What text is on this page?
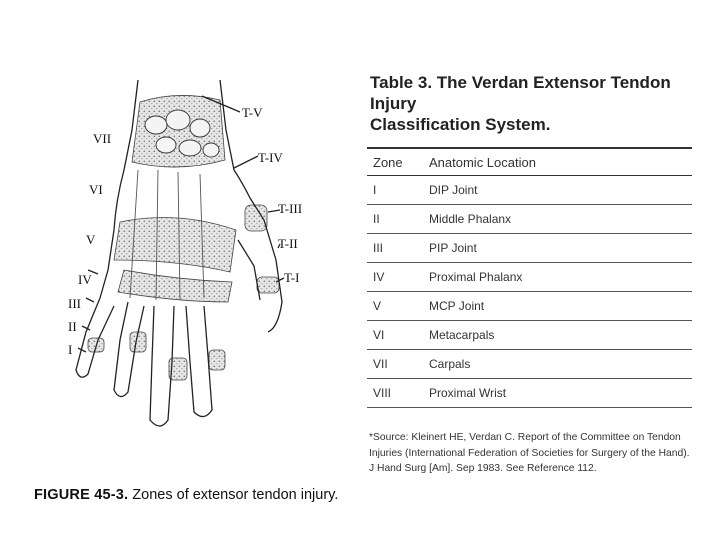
VII
VI
V
IV
III
II
I
T-V
T-IV
T-III
T-II
T-I
FIGURE 45-3. Zones of extensor tendon injury.
Table 3. The Verdan Extensor Tendon Injury
Classification System.
Zone	Anatomic Location
I	DIP Joint
II	Middle Phalanx
III	PIP Joint
IV	Proximal Phalanx
V	MCP Joint
VI	Metacarpals
VII	Carpals
VIII	Proximal Wrist
*Source: Kleinert HE, Verdan C. Report of the Committee on Tendon
Injuries (International Federation of Societies for Surgery of the Hand).
J Hand Surg [Am]. Sep 1983. See Reference 112.
